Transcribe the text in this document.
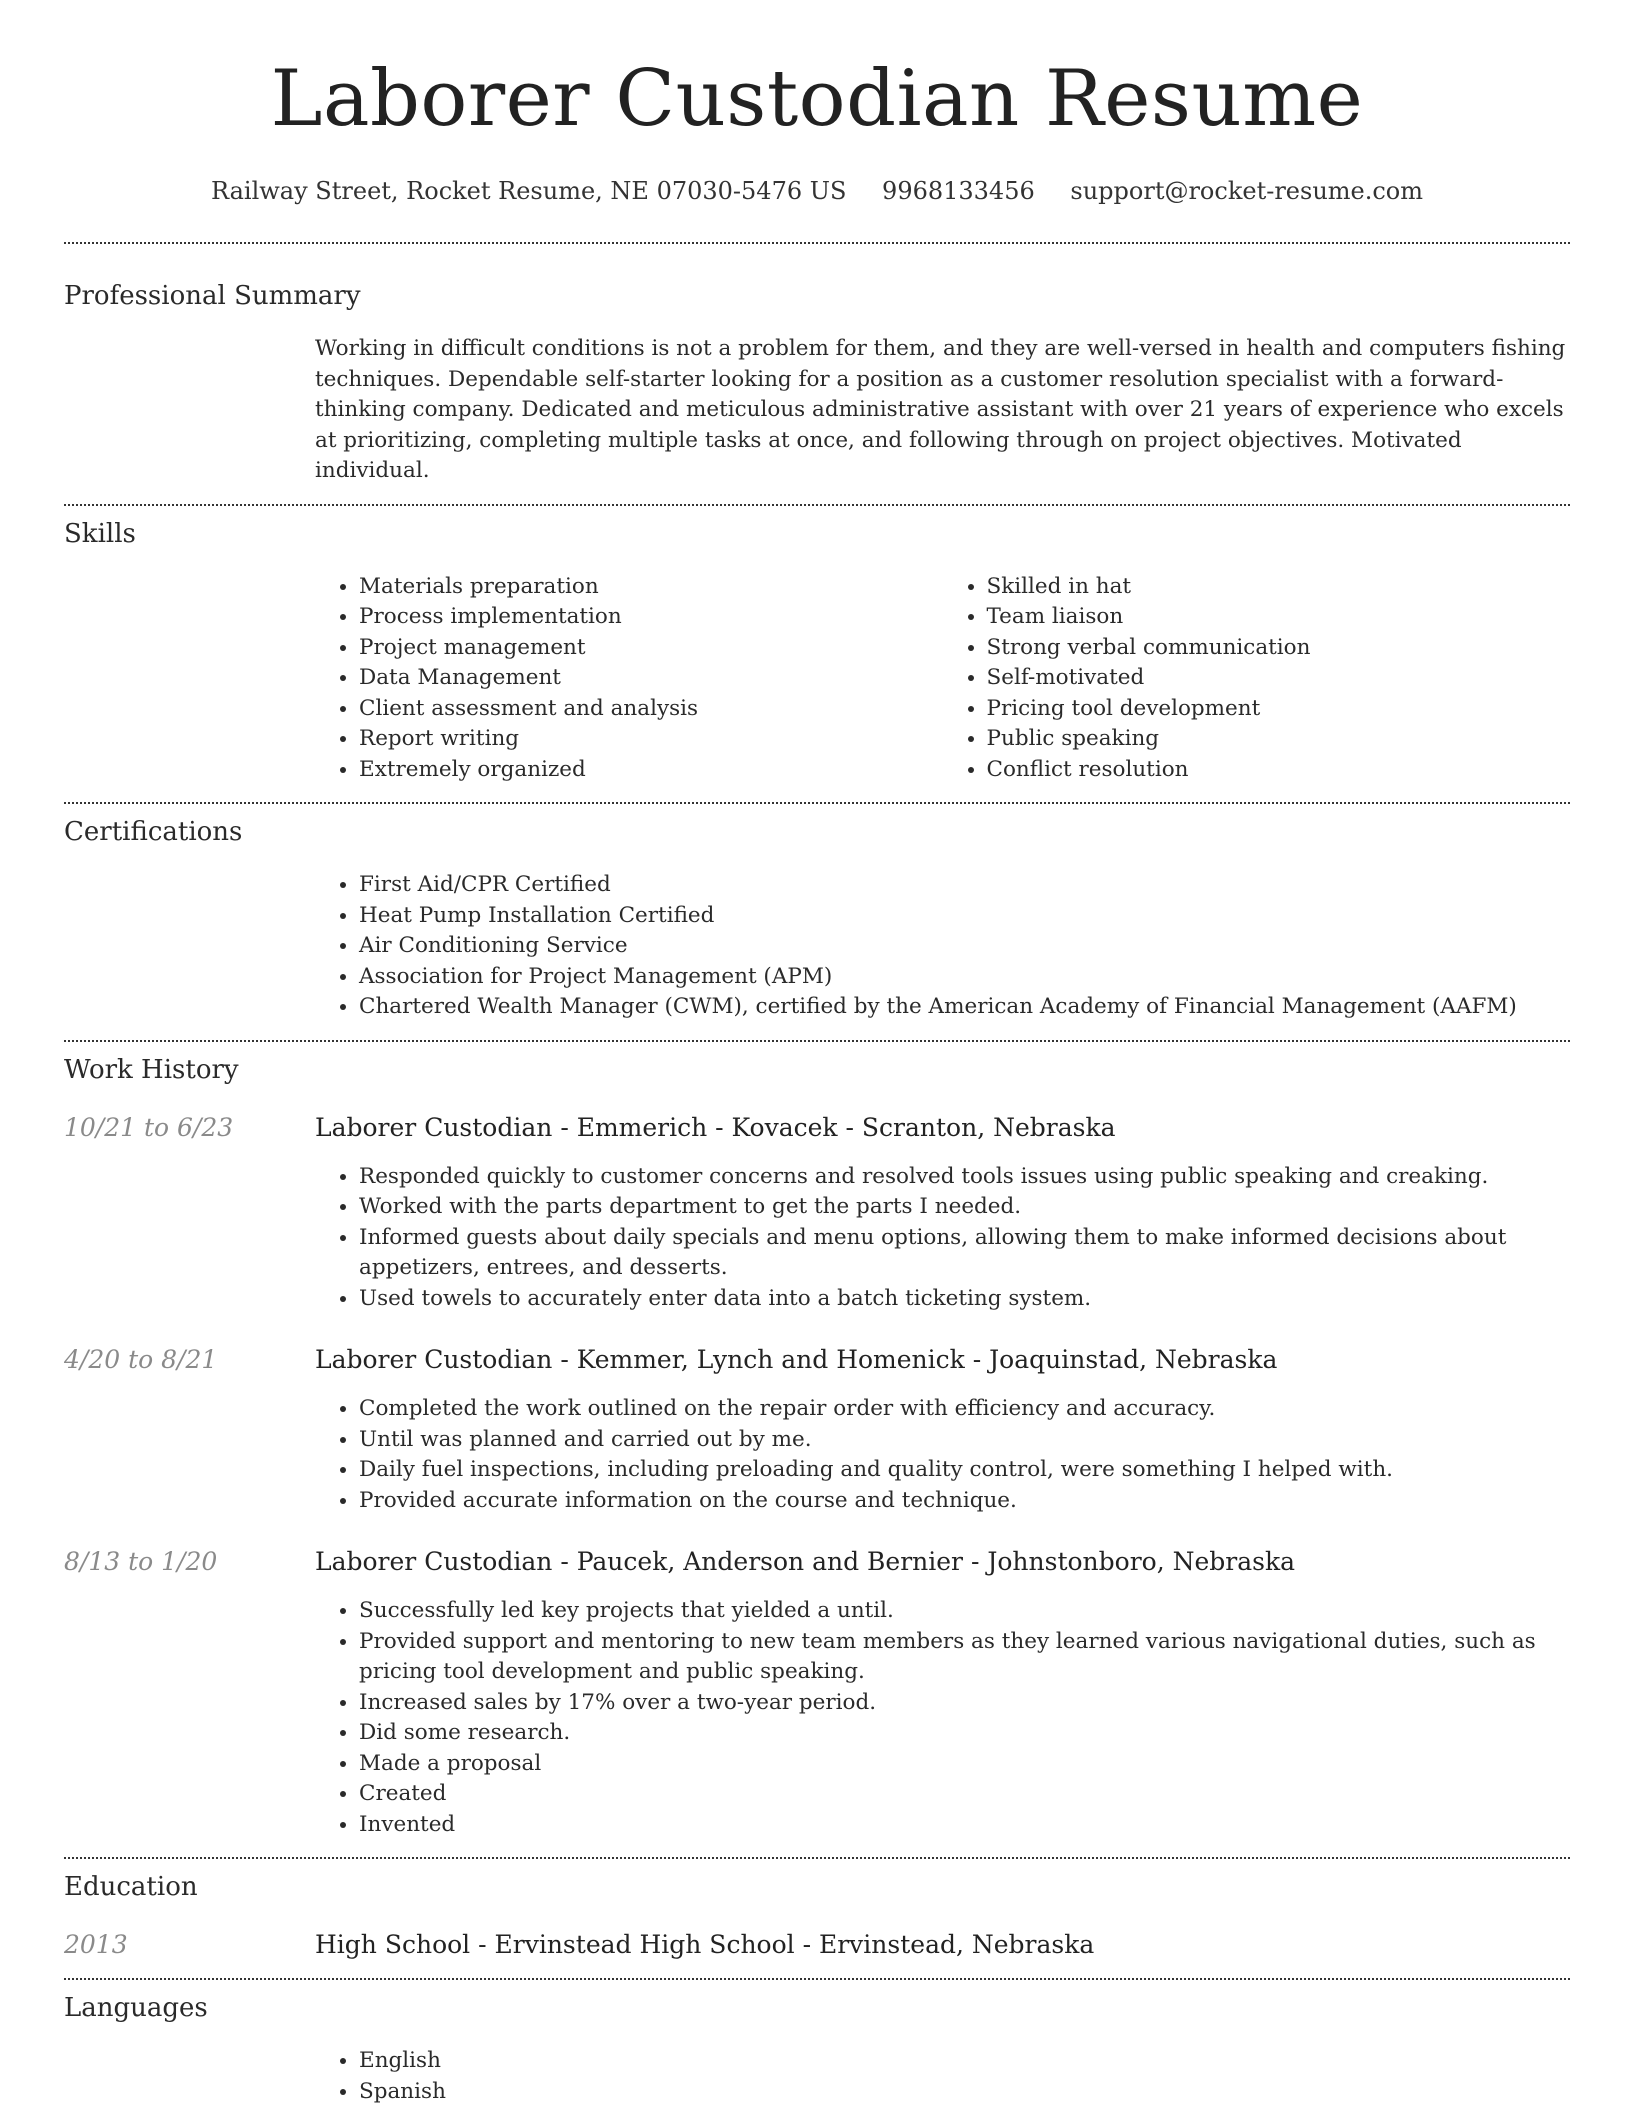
Laborer Custodian Resume
Railway Street, Rocket Resume, NE 07030-5476 US 9968133456 support@rocket-resume.com
Professional Summary
Working in difficult conditions is not a problem for them, and they are well-versed in health and computers fishing techniques. Dependable self-starter looking for a position as a customer resolution specialist with a forward-thinking company. Dedicated and meticulous administrative assistant with over 21 years of experience who excels at prioritizing, completing multiple tasks at once, and following through on project objectives. Motivated individual.
Skills
• Materials preparation
• Process implementation
• Project management
• Data Management
• Client assessment and analysis
• Report writing
• Extremely organized
• Skilled in hat
• Team liaison
• Strong verbal communication
• Self-motivated
• Pricing tool development
• Public speaking
• Conflict resolution
Certifications
• First Aid/CPR Certified
• Heat Pump Installation Certified
• Air Conditioning Service
• Association for Project Management (APM)
• Chartered Wealth Manager (CWM), certified by the American Academy of Financial Management (AAFM)
Work History
10/21 to 6/23	Laborer Custodian - Emmerich - Kovacek - Scranton, Nebraska
• Responded quickly to customer concerns and resolved tools issues using public speaking and creaking.
• Worked with the parts department to get the parts I needed.
• Informed guests about daily specials and menu options, allowing them to make informed decisions about appetizers, entrees, and desserts.
• Used towels to accurately enter data into a batch ticketing system.
4/20 to 8/21	Laborer Custodian - Kemmer, Lynch and Homenick - Joaquinstad, Nebraska
• Completed the work outlined on the repair order with efficiency and accuracy.
• Until was planned and carried out by me.
• Daily fuel inspections, including preloading and quality control, were something I helped with.
• Provided accurate information on the course and technique.
8/13 to 1/20	Laborer Custodian - Paucek, Anderson and Bernier - Johnstonboro, Nebraska
• Successfully led key projects that yielded a until.
• Provided support and mentoring to new team members as they learned various navigational duties, such as pricing tool development and public speaking.
• Increased sales by 17% over a two-year period.
• Did some research.
• Made a proposal
• Created
• Invented
Education
2013	High School - Ervinstead High School - Ervinstead, Nebraska
Languages
• English
• Spanish
